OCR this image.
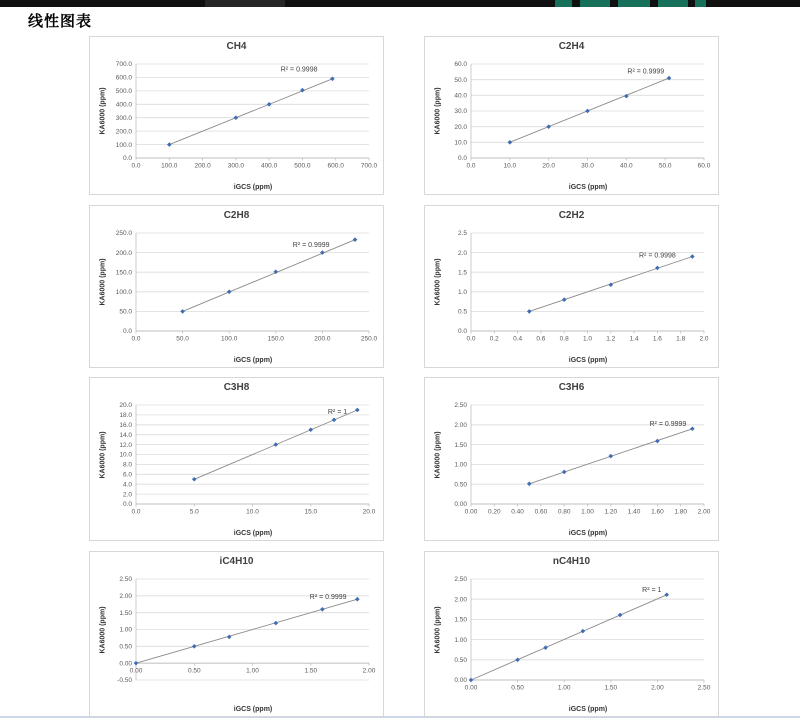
线性图表
0.0	100.0	200.0	300.0	400.0	500.0	600.0	700.0
0.0
100.0
200.0
300.0
400.0
500.0
600.0
700.0
R² = 0.9998
CH4
KA6000 (ppm)
iGCS (ppm)
0.0	10.0	20.0	30.0	40.0	50.0	60.0
0.0
10.0
20.0
30.0
40.0
50.0
60.0
R² = 0.9999
C2H4
KA6000 (ppm)
iGCS (ppm)
0.0	50.0	100.0	150.0	200.0	250.0
0.0
50.0
100.0
150.0
200.0
250.0
R² = 0.9999
C2H8
KA6000 (ppm)
iGCS (ppm)
0.0 0.2 0.4 0.6 0.8 1.0 1.2 1.4 1.6 1.8 2.0
0.0
0.5
1.0
1.5
2.0
2.5
R² = 0.9998
C2H2
KA6000 (ppm)
iGCS (ppm)
0.0	5.0	10.0	15.0	20.0
0.0
2.0
4.0
6.0
8.0
10.0
12.0
14.0
16.0
18.0
20.0
R² = 1
C3H8
KA6000 (ppm)
iGCS (ppm)
0.00 0.20 0.40 0.60 0.80 1.00 1.20 1.40 1.60 1.80 2.00
0.00
0.50
1.00
1.50
2.00
2.50
R² = 0.9999
C3H6
KA6000 (ppm)
iGCS (ppm)
0.00	0.50	1.00	1.50	2.00
-0.50
0.00
0.50
1.00
1.50
2.00
2.50
R² = 0.9999
iC4H10
KA6000 (ppm)
iGCS (ppm)
0.00	0.50	1.00	1.50	2.00	2.50
0.00
0.50
1.00
1.50
2.00
2.50
R² = 1
nC4H10
KA6000 (ppm)
iGCS (ppm)
